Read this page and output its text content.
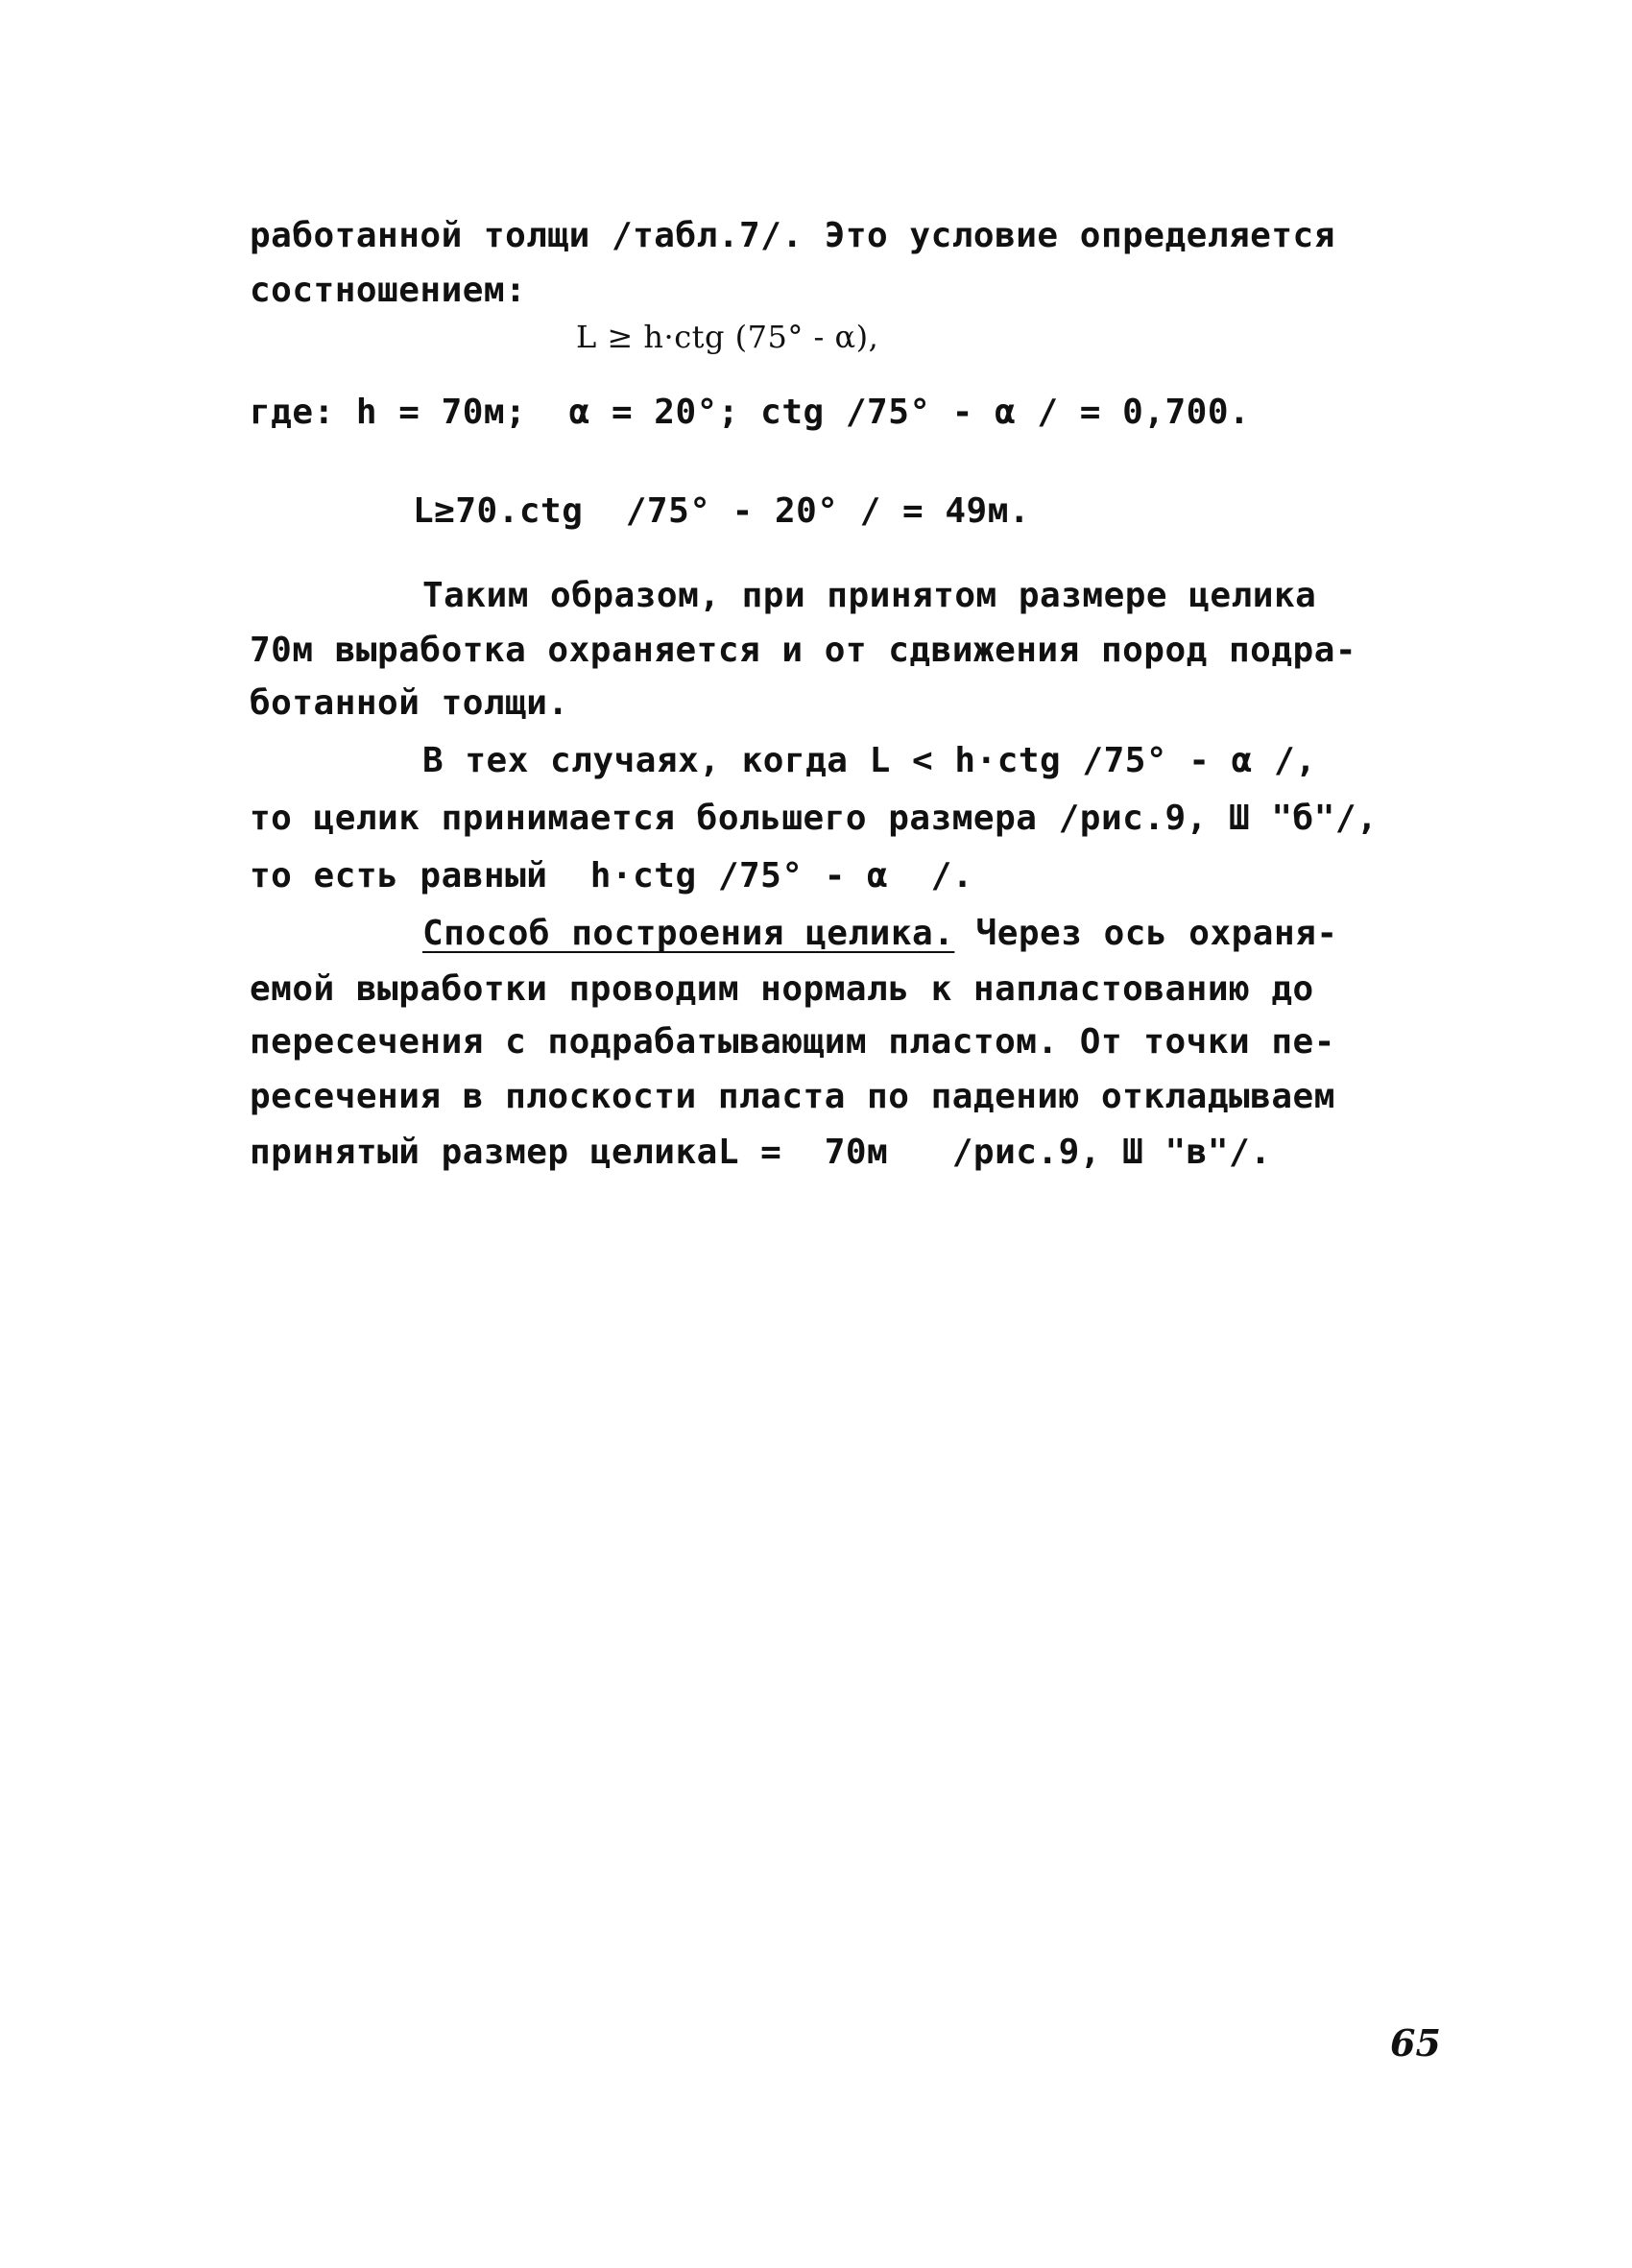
работанной толщи /табл.7/. Это условие определяется
состношением:
L ≥ h·ctg (75° - α),
где: h = 70м;  α = 20°; ctg /75° - α / = 0,700.
L≥70.ctg  /75° - 20° / = 49м.
Таким образом, при принятом размере целика
70м выработка охраняется и от сдвижения пород подра-
ботанной толщи.
В тех случаях, когда L < h·ctg /75° - α /,
то целик принимается большего размера /рис.9, Ш "б"/,
то есть равный  h·ctg /75° - α  /.
Способ построения целика. Через ось охраня-
емой выработки проводим нормаль к напластованию до
пересечения с подрабатывающим пластом. От точки пе-
ресечения в плоскости пласта по падению откладываем
принятый размер целикаL =  70м   /рис.9, Ш "в"/.
65
